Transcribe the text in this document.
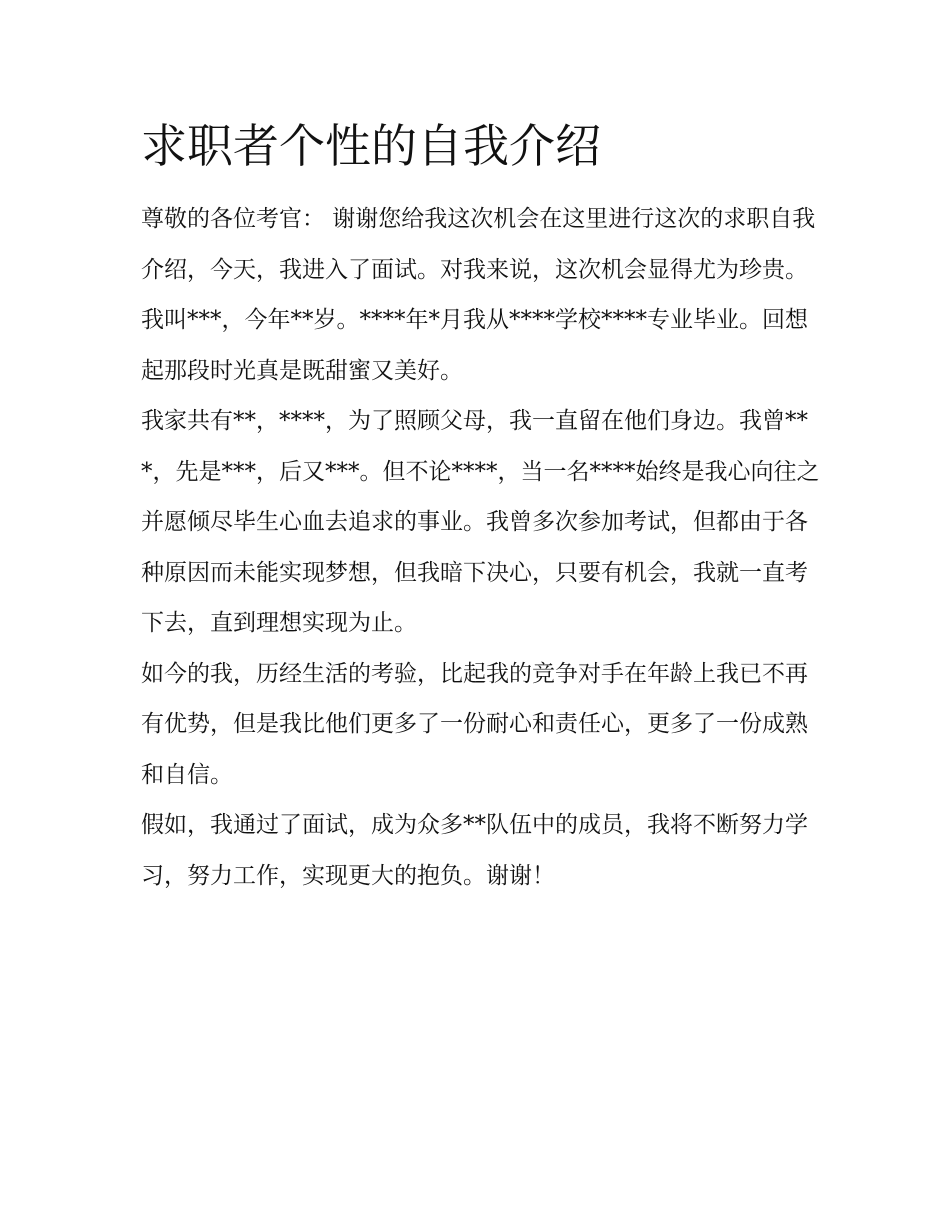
求职者个性的自我介绍

尊敬的各位考官： 谢谢您给我这次机会在这里进行这次的求职自我介绍，今天，我进入了面试。对我来说，这次机会显得尤为珍贵。

我叫***，今年**岁。****年*月我从****学校****专业毕业。回想起那段时光真是既甜蜜又美好。

我家共有**，****，为了照顾父母，我一直留在他们身边。我曾***，先是***，后又***。但不论****，当一名****始终是我心向往之并愿倾尽毕生心血去追求的事业。我曾多次参加考试，但都由于各种原因而未能实现梦想，但我暗下决心，只要有机会，我就一直考下去，直到理想实现为止。

如今的我，历经生活的考验，比起我的竞争对手在年龄上我已不再有优势，但是我比他们更多了一份耐心和责任心，更多了一份成熟和自信。

假如，我通过了面试，成为众多**队伍中的成员，我将不断努力学习，努力工作，实现更大的抱负。谢谢！
